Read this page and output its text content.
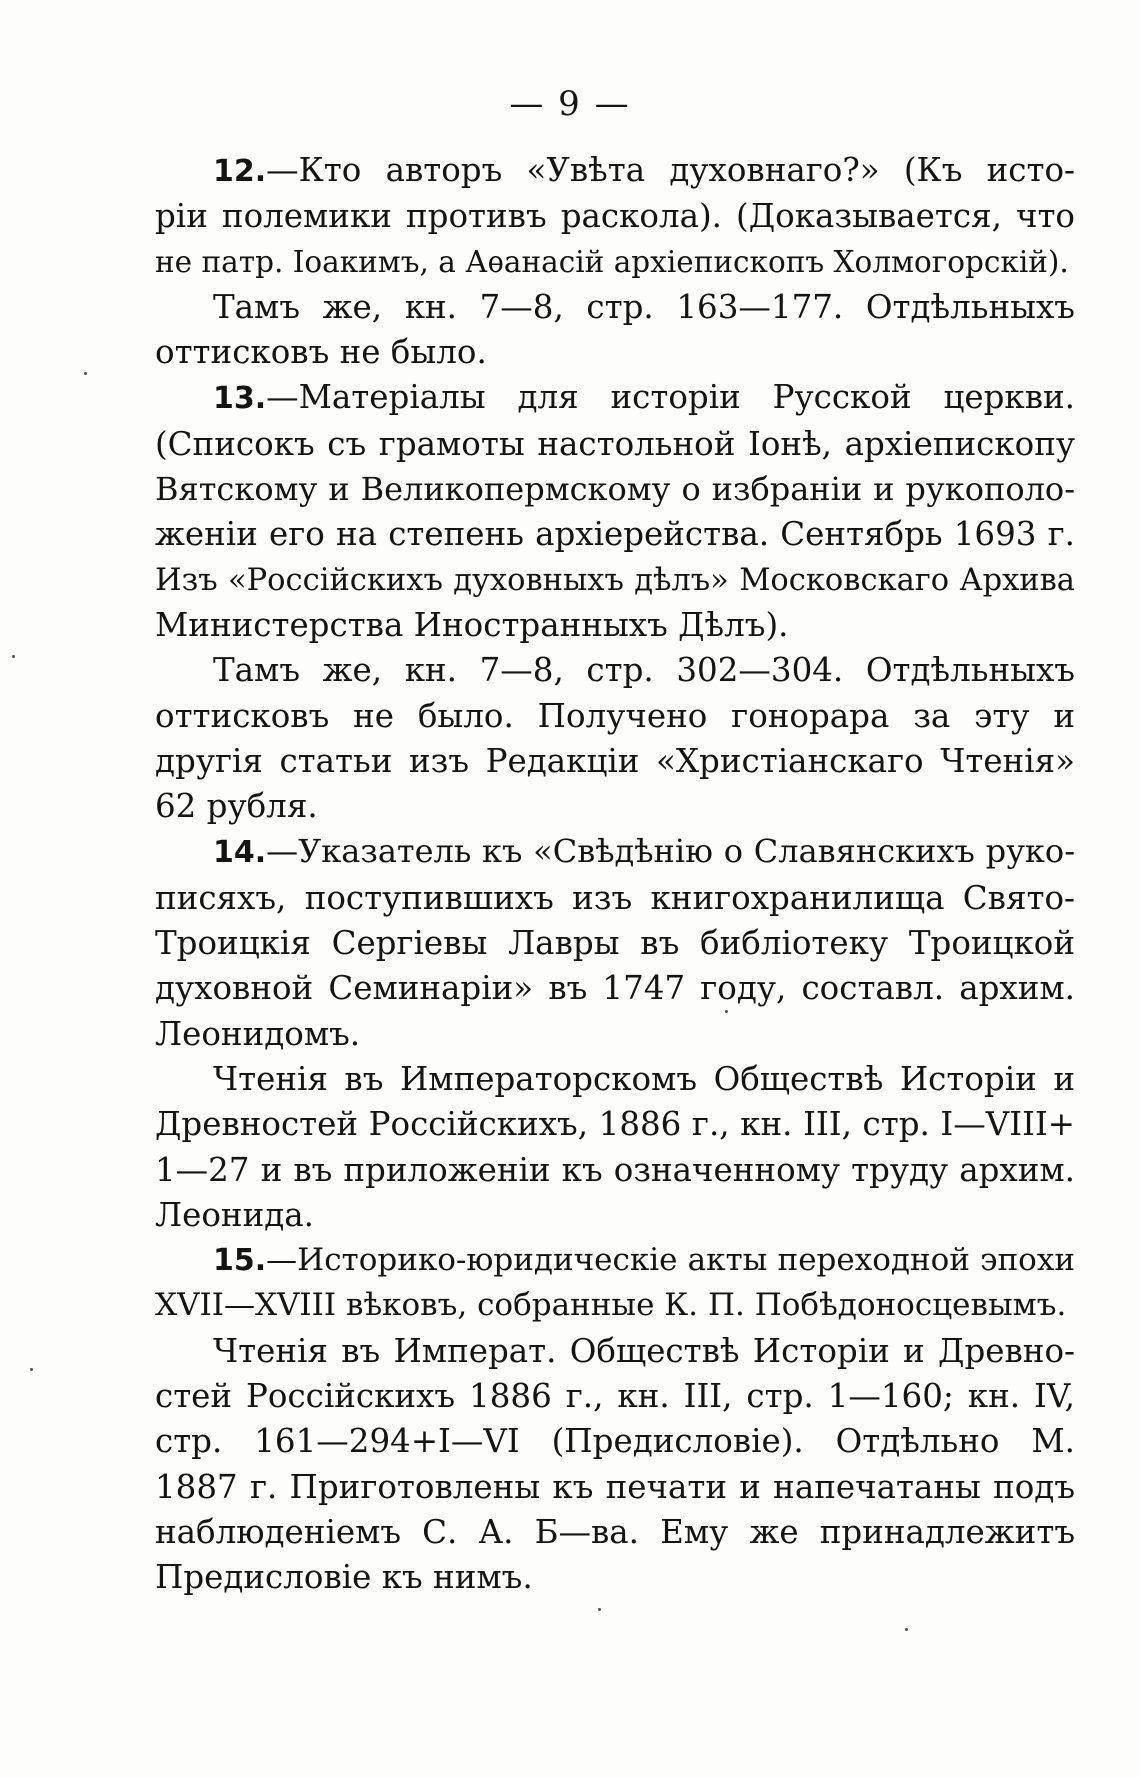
— 9 —

12.—Кто авторъ «Увѣта духовнаго?» (Къ исто-
ріи полемики противъ раскола). (Доказывается, что
не патр. Іоакимъ, а Аѳанасій архіепископъ Холмогорскій).

Тамъ же, кн. 7—8, стр. 163—177. Отдѣльныхъ
оттисковъ не было.

13.—Матеріалы для исторіи Русской церкви.
(Списокъ съ грамоты настольной Іонѣ, архіепископу
Вятскому и Великопермскому о избраніи и рукополо-
женіи его на степень архіерейства. Сентябрь 1693 г.
Изъ «Россійскихъ духовныхъ дѣлъ» Московскаго Архива
Министерства Иностранныхъ Дѣлъ).

Тамъ же, кн. 7—8, стр. 302—304. Отдѣльныхъ
оттисковъ не было. Получено гонорара за эту и
другія статьи изъ Редакціи «Христіанскаго Чтенія»
62 рубля.

14.—Указатель къ «Свѣдѣнію о Славянскихъ руко-
писяхъ, поступившихъ изъ книгохранилища Свято-
Троицкія Сергіевы Лавры въ библіотеку Троицкой
духовной Семинаріи» въ 1747 году, составл. архим.
Леонидомъ.

Чтенія въ Императорскомъ Обществѣ Исторіи и
Древностей Россійскихъ, 1886 г., кн. III, стр. I—VIII+
1—27 и въ приложеніи къ означенному труду архим.
Леонида.

15.—Историко-юридическіе акты переходной эпохи
XVII—XVIII вѣковъ, собранные К. П. Побѣдоносцевымъ.

Чтенія въ Императ. Обществѣ Исторіи и Древно-
стей Россійскихъ 1886 г., кн. III, стр. 1—160; кн. IV,
стр. 161—294+I—VI (Предисловіе). Отдѣльно М.
1887 г. Приготовлены къ печати и напечатаны подъ
наблюденіемъ С. А. Б—ва. Ему же принадлежитъ
Предисловіе къ нимъ.
